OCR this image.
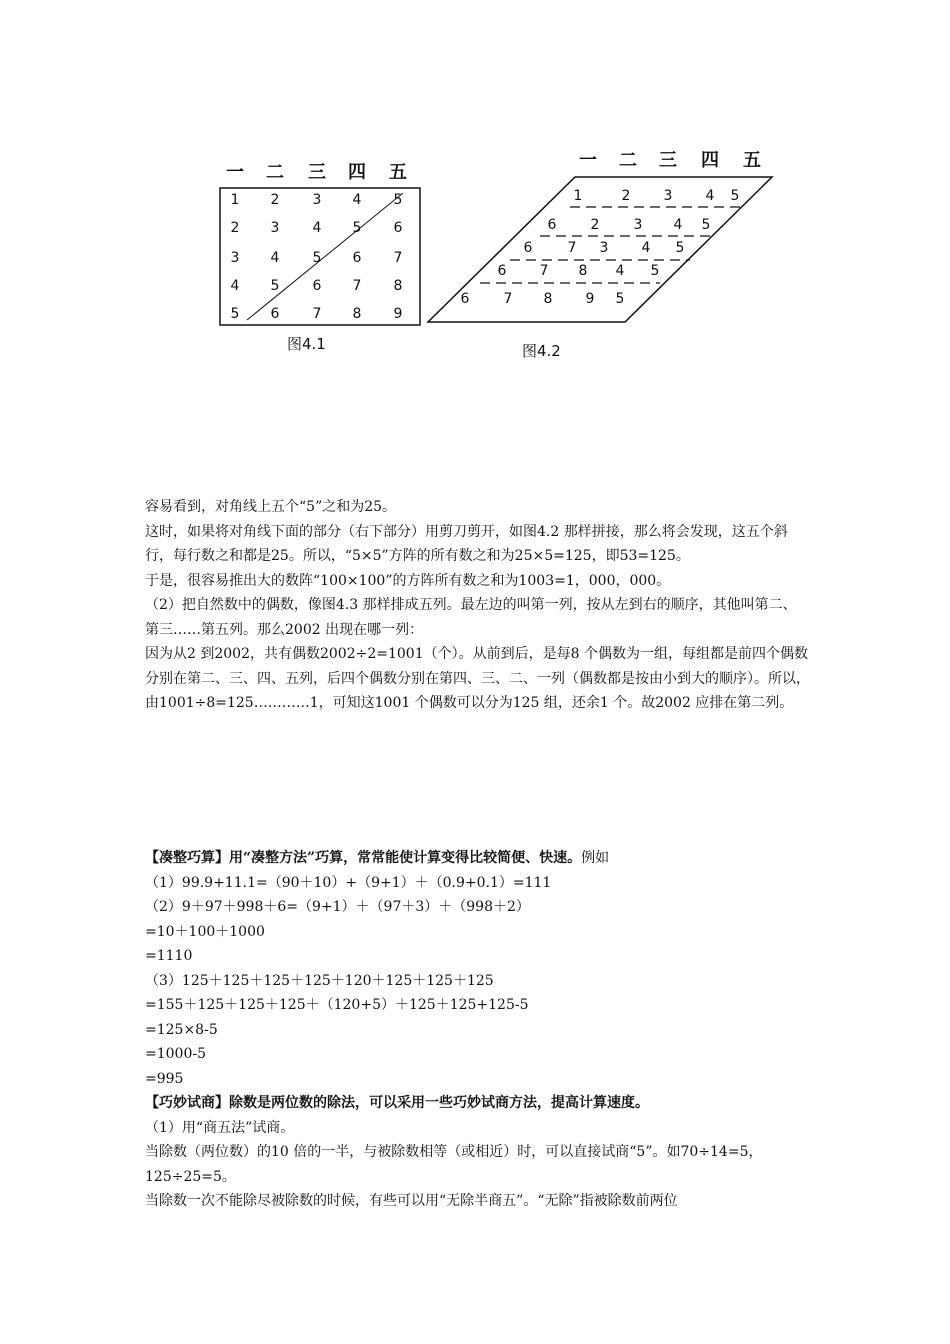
一 二 三 四 五
1 2 3 4 5
2 3 4 5 6
3 4 5 6 7
4 5 6 7 8
5 6 7 8 9
图4.1
一 二 三 四 五
1	2 3 4 5
6 2 3 4 5
6	7 3 4 5
6 7 8 4 5
6 7 8 9 5
图4.2

容易看到，对角线上五个“5”之和为25。

这时，如果将对角线下面的部分（右下部分）用剪刀剪开，如图4.2 那样拼接，那么将会发现，这五个斜行，每行数之和都是25。所以，“5×5”方阵的所有数之和为25×5=125，即53=125。

于是，很容易推出大的数阵“100×100”的方阵所有数之和为1003=1，000，000。

（2）把自然数中的偶数，像图4.3 那样排成五列。最左边的叫第一列，按从左到右的顺序，其他叫第二、第三……第五列。那么2002 出现在哪一列：

因为从2 到2002，共有偶数2002÷2=1001（个）。从前到后，是每8 个偶数为一组，每组都是前四个偶数分别在第二、三、四、五列，后四个偶数分别在第四、三、二、一列（偶数都是按由小到大的顺序）。所以，由1001÷8=125…………1，可知这1001 个偶数可以分为125 组，还余1 个。故2002 应排在第二列。

【凑整巧算】用“凑整方法”巧算，常常能使计算变得比较简便、快速。例如

（1）99.9+11.1=（90＋10）+（9+1）＋（0.9+0.1）=111

（2）9＋97＋998＋6=（9+1）＋（97＋3）＋（998＋2）

=10＋100＋1000

=1110

（3）125＋125＋125＋125＋120＋125＋125＋125

=155＋125＋125＋125＋（120+5）＋125＋125+125-5

=125×8-5

=1000-5

=995

【巧妙试商】除数是两位数的除法，可以采用一些巧妙试商方法，提高计算速度。

（1）用“商五法”试商。

当除数（两位数）的10 倍的一半，与被除数相等（或相近）时，可以直接试商“5”。如70÷14=5，125÷25=5。

当除数一次不能除尽被除数的时候，有些可以用“无除半商五”。“无除”指被除数前两位
